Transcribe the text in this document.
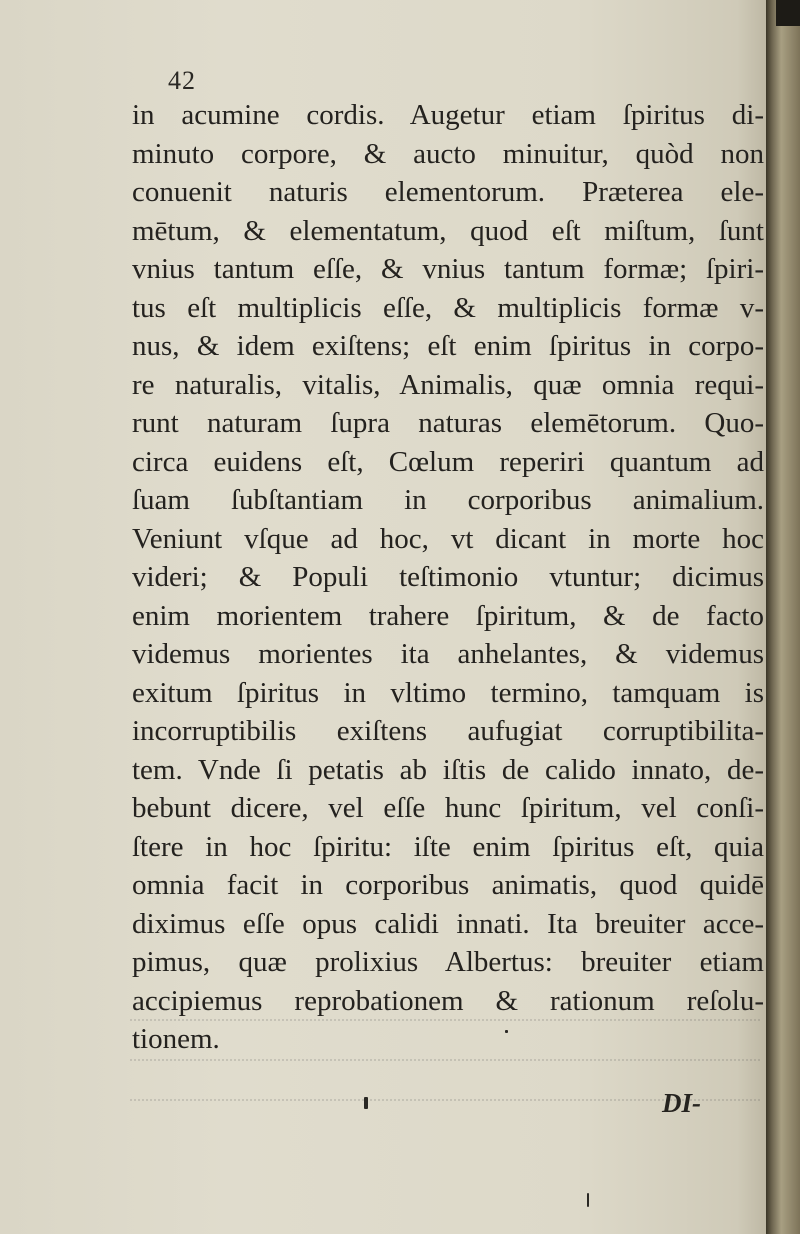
42
in acumine cordis. Augetur etiam ſpiritus di-
minuto corpore, & aucto minuitur, quòd non
conuenit naturis elementorum. Præterea ele-
mētum, & elementatum, quod eſt miſtum, ſunt
vnius tantum eſſe, & vnius tantum formæ; ſpiri-
tus eſt multiplicis eſſe, & multiplicis formæ v-
nus, & idem exiſtens; eſt enim ſpiritus in corpo-
re naturalis, vitalis, Animalis, quæ omnia requi-
runt naturam ſupra naturas elemētorum. Quo-
circa euidens eſt, Cœlum reperiri quantum ad
ſuam ſubſtantiam in corporibus animalium.
Veniunt vſque ad hoc, vt dicant in morte hoc
videri; & Populi teſtimonio vtuntur; dicimus
enim morientem trahere ſpiritum, & de facto
videmus morientes ita anhelantes, & videmus
exitum ſpiritus in vltimo termino, tamquam is
incorruptibilis exiſtens aufugiat corruptibilita-
tem. Vnde ſi petatis ab iſtis de calido innato, de-
bebunt dicere, vel eſſe hunc ſpiritum, vel conſi-
ſtere in hoc ſpiritu: iſte enim ſpiritus eſt, quia
omnia facit in corporibus animatis, quod quidē
diximus eſſe opus calidi innati. Ita breuiter acce-
pimus, quæ prolixius Albertus: breuiter etiam
accipiemus reprobationem & rationum reſolu-
tionem.
DI-
